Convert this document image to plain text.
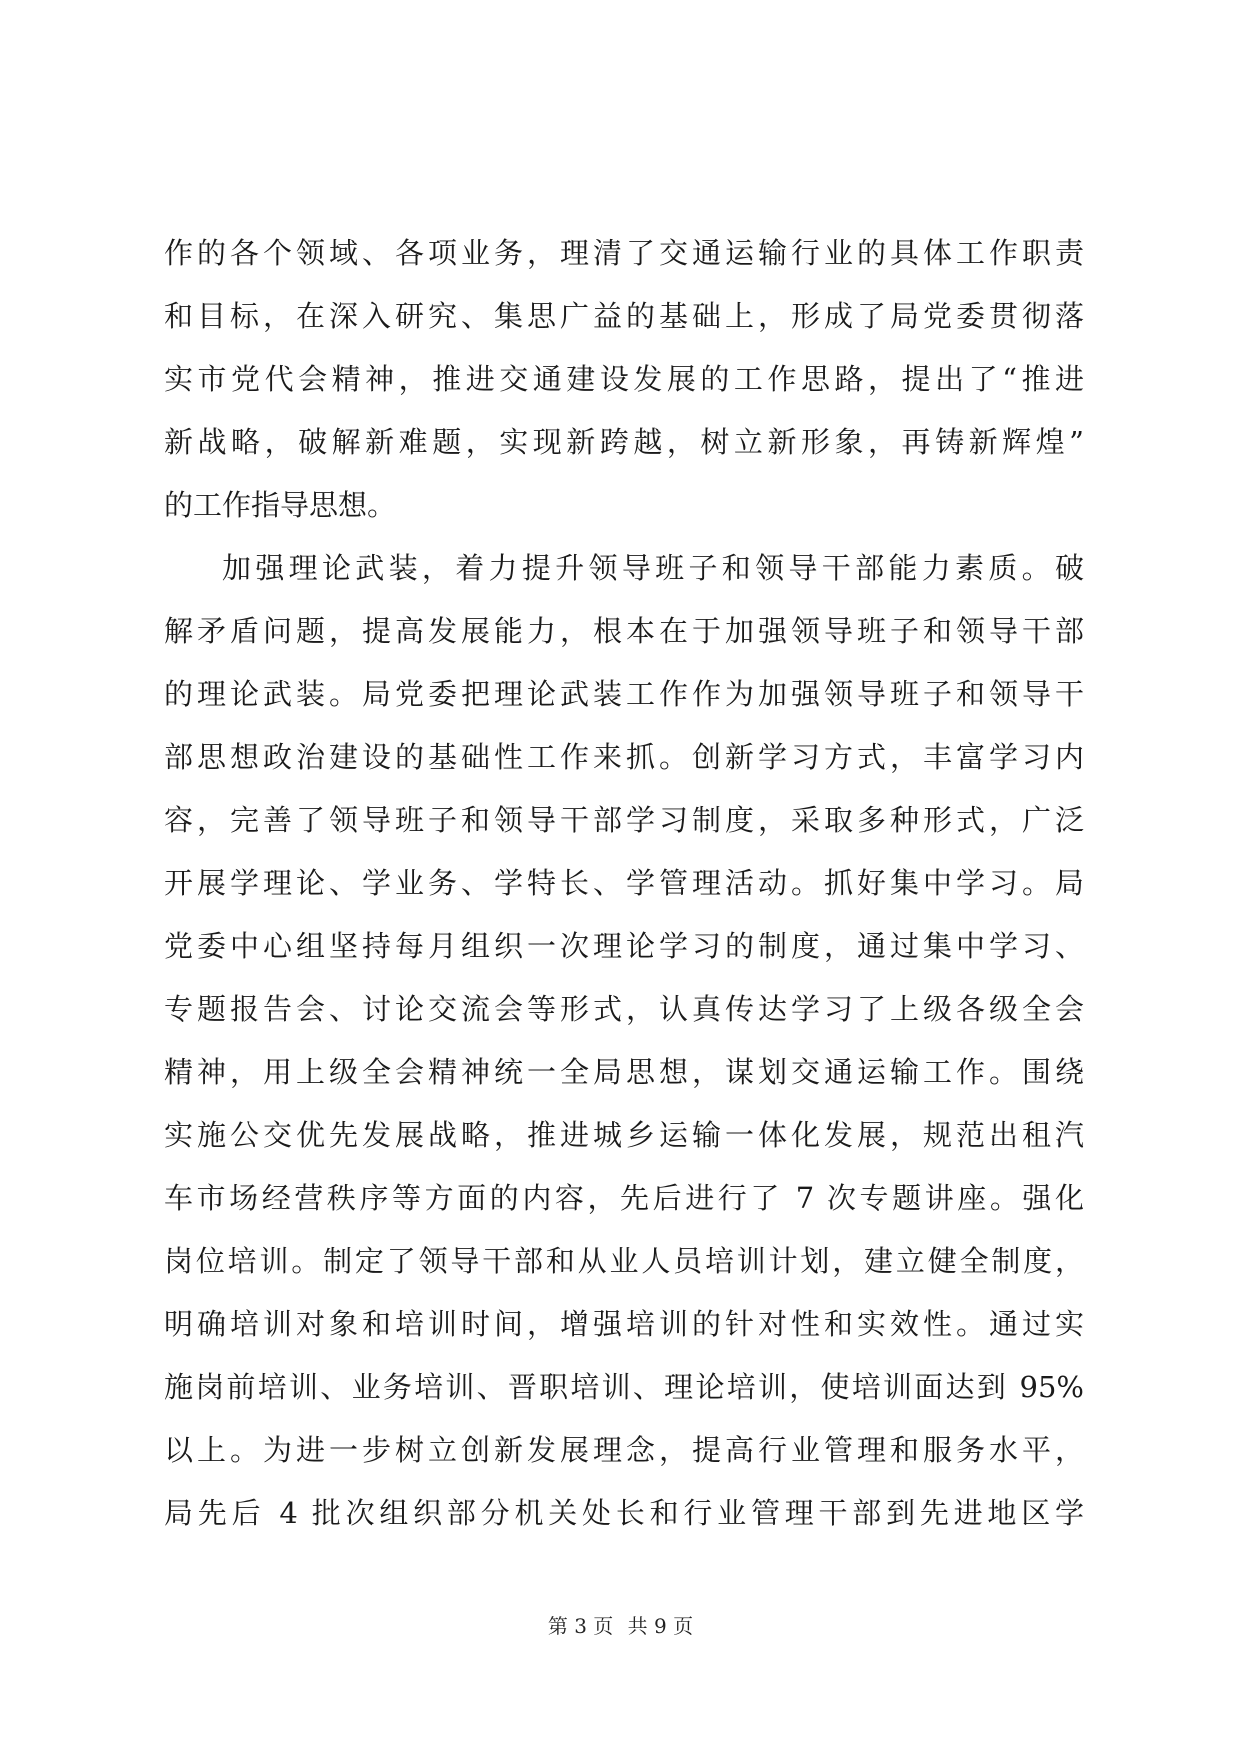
作的各个领域、各项业务，理清了交通运输行业的具体工作职责
和目标，在深入研究、集思广益的基础上，形成了局党委贯彻落
实市党代会精神，推进交通建设发展的工作思路，提出了“推进
新战略，破解新难题，实现新跨越，树立新形象，再铸新辉煌”
的工作指导思想。
加强理论武装，着力提升领导班子和领导干部能力素质。破
解矛盾问题，提高发展能力，根本在于加强领导班子和领导干部
的理论武装。局党委把理论武装工作作为加强领导班子和领导干
部思想政治建设的基础性工作来抓。创新学习方式，丰富学习内
容，完善了领导班子和领导干部学习制度，采取多种形式，广泛
开展学理论、学业务、学特长、学管理活动。抓好集中学习。局
党委中心组坚持每月组织一次理论学习的制度，通过集中学习、
专题报告会、讨论交流会等形式，认真传达学习了上级各级全会
精神，用上级全会精神统一全局思想，谋划交通运输工作。围绕
实施公交优先发展战略，推进城乡运输一体化发展，规范出租汽
车市场经营秩序等方面的内容，先后进行了 7 次专题讲座。强化
岗位培训。制定了领导干部和从业人员培训计划，建立健全制度，
明确培训对象和培训时间，增强培训的针对性和实效性。通过实
施岗前培训、业务培训、晋职培训、理论培训，使培训面达到 95%
以上。为进一步树立创新发展理念，提高行业管理和服务水平，
局先后 4 批次组织部分机关处长和行业管理干部到先进地区学
第 3 页 共 9 页
